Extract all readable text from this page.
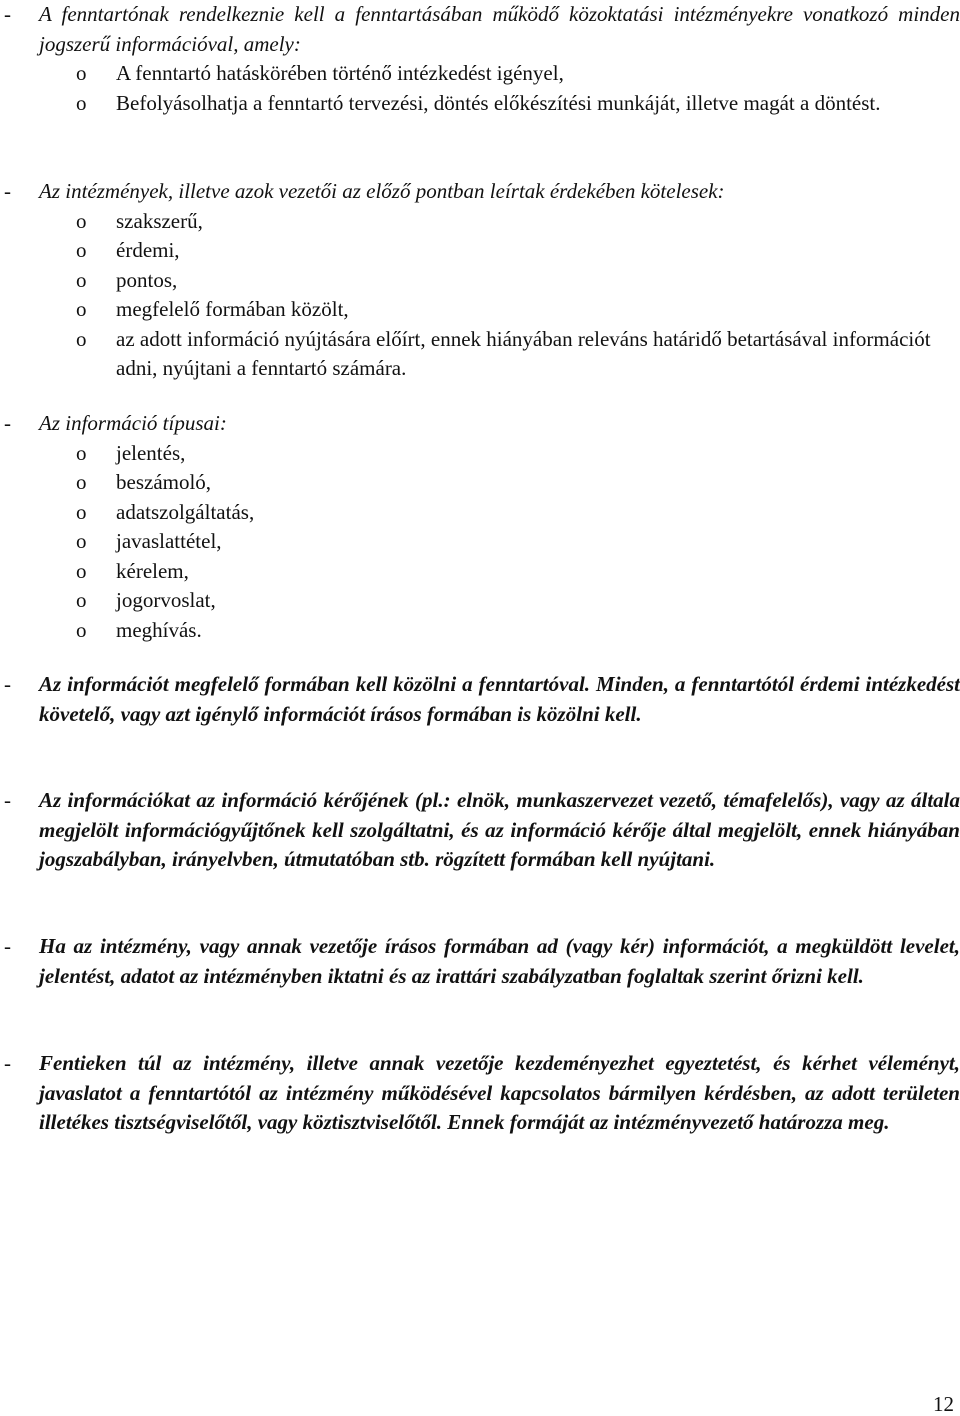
- A fenntartónak rendelkeznie kell a fenntartásában működő közoktatási intézményekre vonatkozó minden jogszerű információval, amely:
o A fenntartó hatáskörében történő intézkedést igényel,
o Befolyásolhatja a fenntartó tervezési, döntés előkészítési munkáját, illetve magát a döntést.
- Az intézmények, illetve azok vezetői az előző pontban leírtak érdekében kötelesek:
o szakszerű,
o érdemi,
o pontos,
o megfelelő formában közölt,
o az adott információ nyújtására előírt, ennek hiányában releváns határidő betartásával információt adni, nyújtani a fenntartó számára.
- Az információ típusai:
o jelentés,
o beszámoló,
o adatszolgáltatás,
o javaslattétel,
o kérelem,
o jogorvoslat,
o meghívás.
- Az információt megfelelő formában kell közölni a fenntartóval. Minden, a fenntartótól érdemi intézkedést követelő, vagy azt igénylő információt írásos formában is közölni kell.
- Az információkat az információ kérőjének (pl.: elnök, munkaszervezet vezető, témafelelős), vagy az általa megjelölt információgyűjtőnek kell szolgáltatni, és az információ kérője által megjelölt, ennek hiányában jogszabályban, irányelvben, útmutatóban stb. rögzített formában kell nyújtani.
- Ha az intézmény, vagy annak vezetője írásos formában ad (vagy kér) információt, a megküldött levelet, jelentést, adatot az intézményben iktatni és az irattári szabályzatban foglaltak szerint őrizni kell.
- Fentieken túl az intézmény, illetve annak vezetője kezdeményezhet egyeztetést, és kérhet véleményt, javaslatot a fenntartótól az intézmény működésével kapcsolatos bármilyen kérdésben, az adott területen illetékes tisztségviselőtől, vagy köztisztviselőtől. Ennek formáját az intézményvezető határozza meg.
12
